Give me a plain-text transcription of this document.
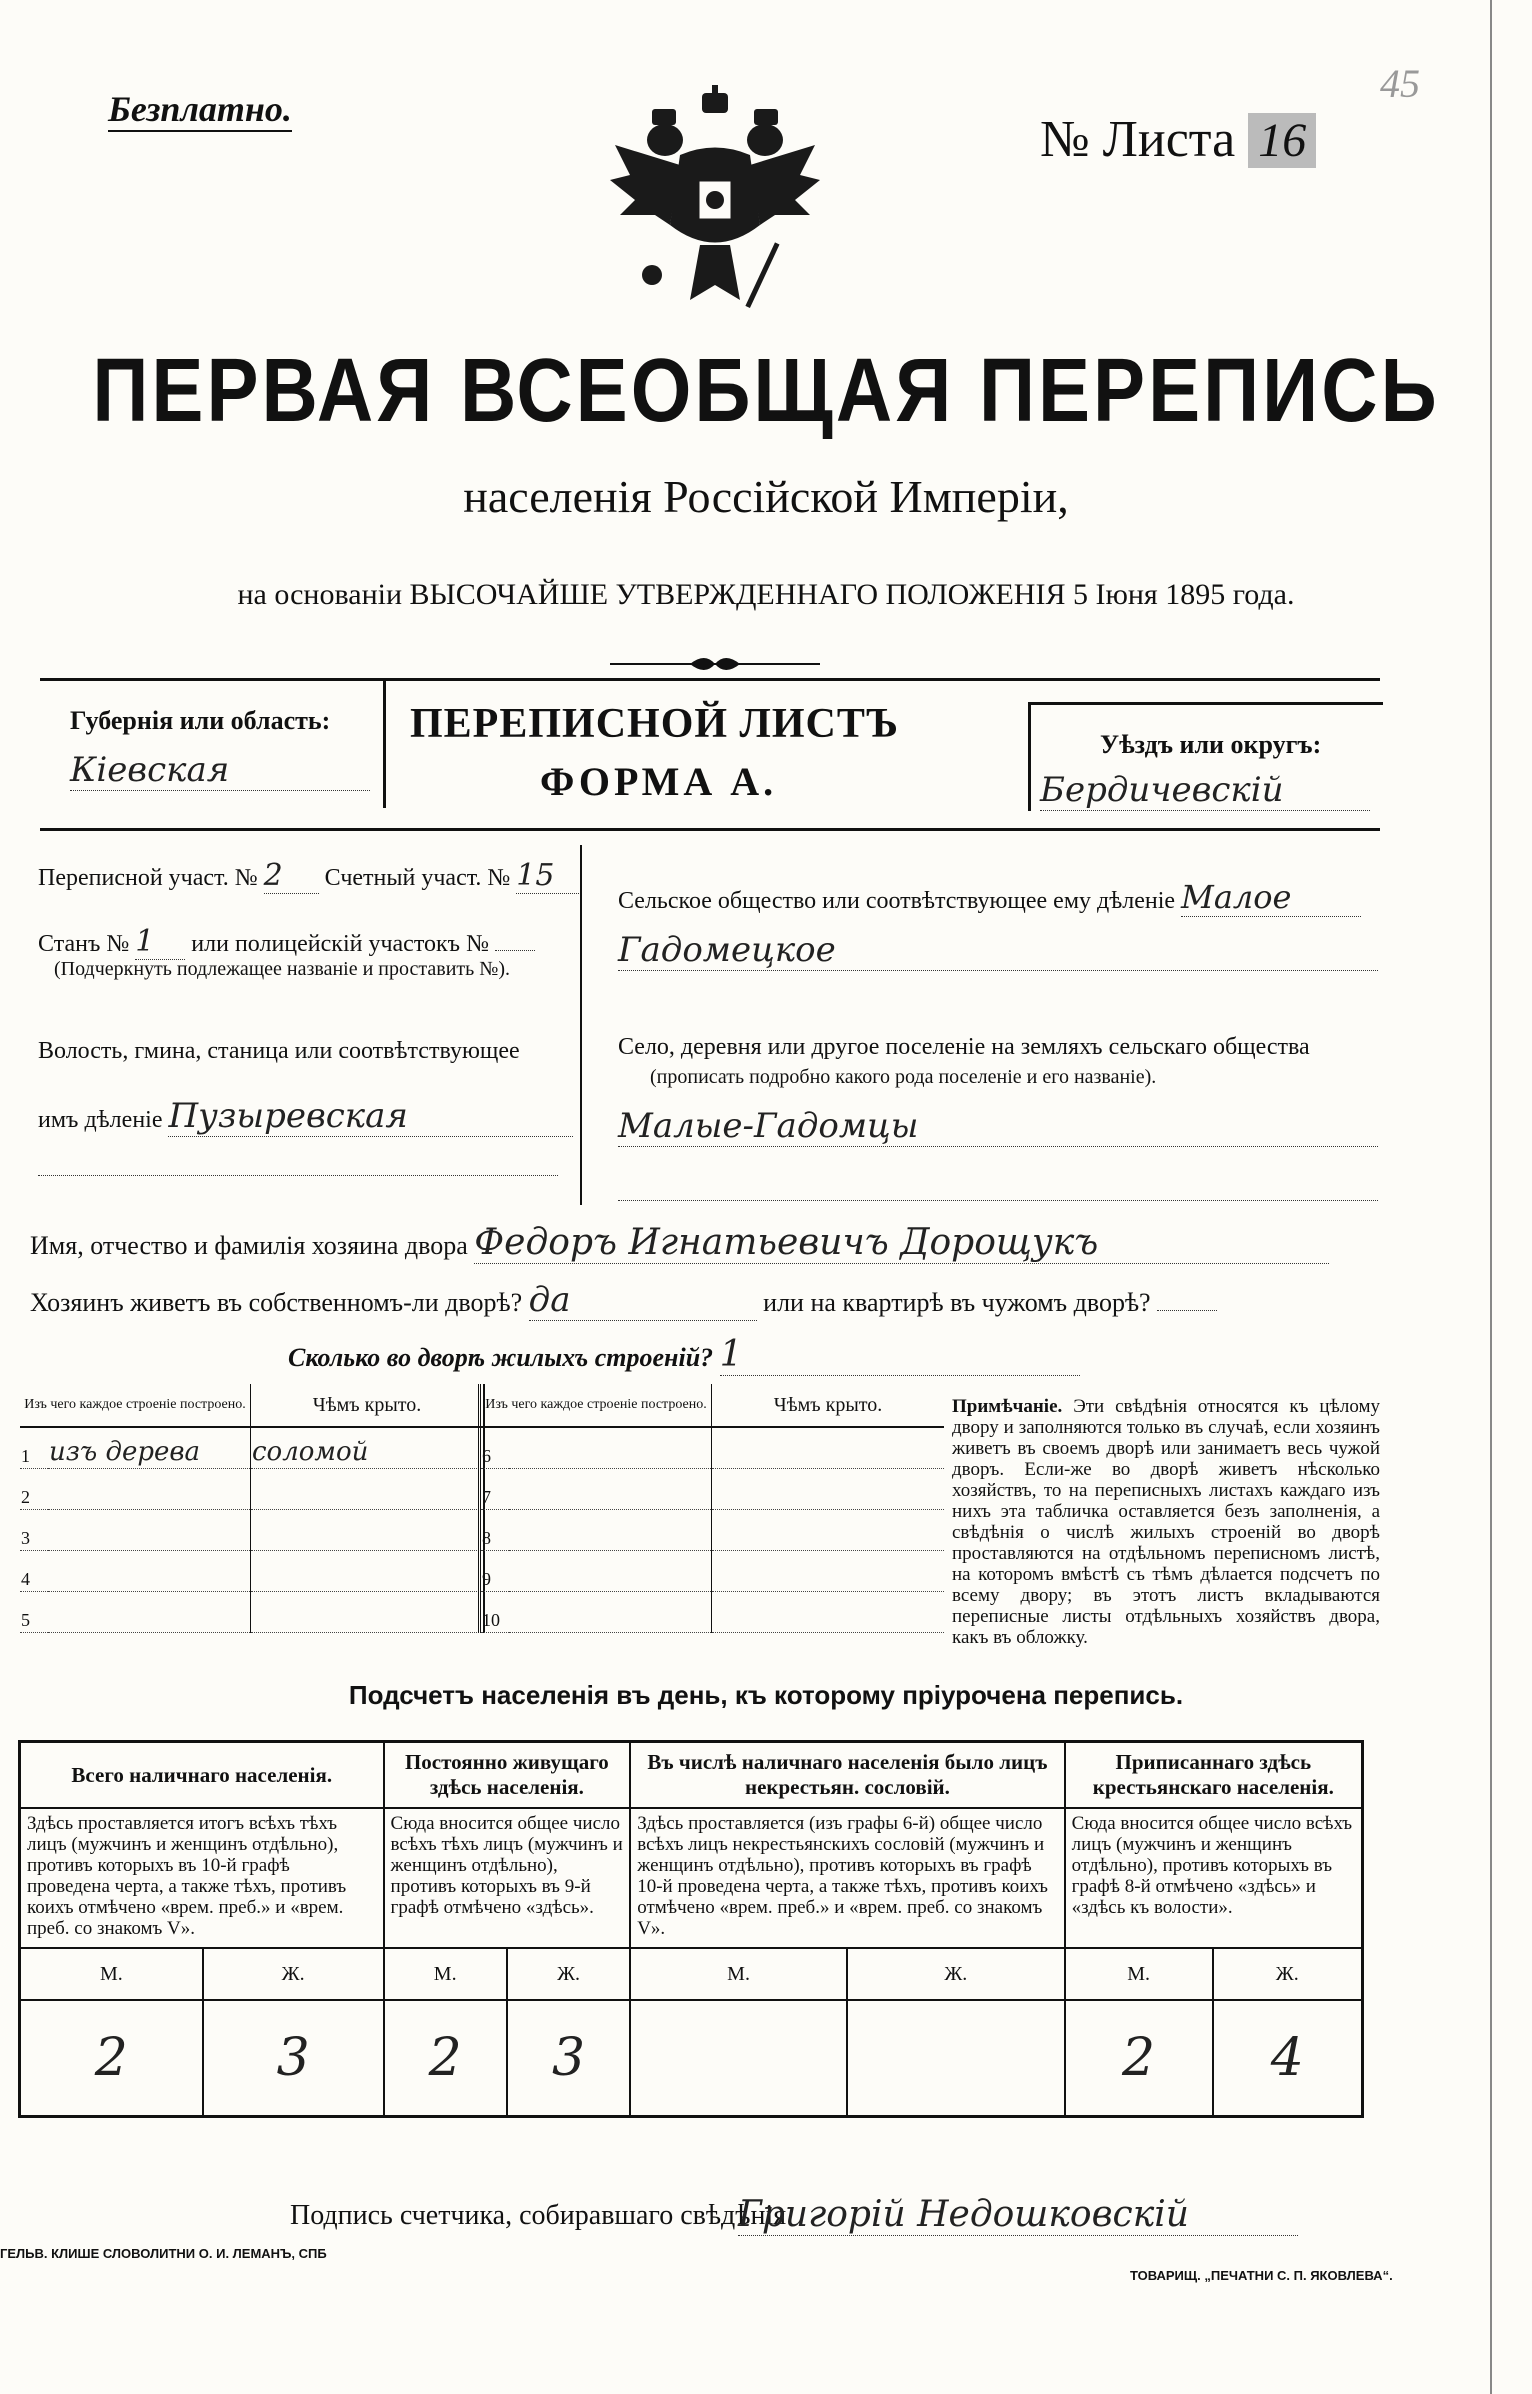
Безплатно.
№ Листа 16
45
ПЕРВАЯ ВСЕОБЩАЯ ПЕРЕПИСЬ
населенія Россійской Имперіи,
на основаніи ВЫСОЧАЙШЕ УТВЕРЖДЕННАГО ПОЛОЖЕНІЯ 5 Іюня 1895 года.
Губернія или область:
Кіевская
ПЕРЕПИСНОЙ ЛИСТЪ
ФОРМА А.
Уѣздъ или округъ:
Бердичевскій
Переписной участ. № 2 Счетный участ. № 15
Станъ № 1 или полицейскій участокъ №
(Подчеркнуть подлежащее названіе и проставить №).
Волость, гмина, станица или соотвѣтствующее
имъ дѣленіе Пузыревская
Сельское общество или соотвѣтствующее ему дѣленіе Малое
Гадомецкое
Село, деревня или другое поселеніе на земляхъ сельскаго общества
(прописать подробно какого рода поселеніе и его названіе).
Малые-Гадомцы
Имя, отчество и фамилія хозяина двора Федоръ Игнатьевичъ Дорощукъ
Хозяинъ живетъ въ собственномъ-ли дворѣ? да	или на квартирѣ въ чужомъ дворѣ?
Сколько во дворѣ жилыхъ строеній? 1
Изъ чего каждое строеніе построено.		Чѣмъ крыто.
1	изъ дерева	соломой
2		
3		
4		
5		
Изъ чего каждое строеніе построено.		Чѣмъ крыто.
6		
7		
8		
9		
10		
Примѣчаніе. Эти свѣдѣнія относятся къ цѣлому двору и заполняются только въ случаѣ, если хозяинъ живетъ въ своемъ дворѣ или занимаетъ весь чужой дворъ. Если-же во дворѣ живетъ нѣсколько хозяйствъ, то на переписныхъ листахъ каждаго изъ нихъ эта табличка оставляется безъ заполненія, а свѣдѣнія о числѣ жилыхъ строеній во дворѣ проставляются на отдѣльномъ переписномъ листѣ, на которомъ вмѣстѣ съ тѣмъ дѣлается подсчетъ по всему двору; въ этотъ листъ вкладываются переписные листы отдѣльныхъ хозяйствъ двора, какъ въ обложку.
Подсчетъ населенія въ день, къ которому пріурочена перепись.
Всего наличнаго населенія.		Постоянно живущаго здѣсь населенія.		Въ числѣ наличнаго населенія было лицъ некрестьян. сословій.		Приписаннаго здѣсь крестьянскаго населенія.	
Здѣсь проставляется итогъ всѣхъ тѣхъ лицъ (мужчинъ и женщинъ отдѣльно), противъ которыхъ въ 10-й графѣ проведена черта, а также тѣхъ, противъ коихъ отмѣчено «врем. преб.» и «врем. преб. со знакомъ V».		Сюда вносится общее число всѣхъ тѣхъ лицъ (мужчинъ и женщинъ отдѣльно), противъ которыхъ въ 9-й графѣ отмѣчено «здѣсь».		Здѣсь проставляется (изъ графы 6-й) общее число всѣхъ лицъ некрестьянскихъ сословій (мужчинъ и женщинъ отдѣльно), противъ которыхъ въ графѣ 10-й проведена черта, а также тѣхъ, противъ коихъ отмѣчено «врем. преб.» и «врем. преб. со знакомъ V».		Сюда вносится общее число всѣхъ лицъ (мужчинъ и женщинъ отдѣльно), противъ которыхъ въ графѣ 8-й отмѣчено «здѣсь» и «здѣсь къ волости».	
М.	Ж.	М.	Ж.	М.	Ж.	М.	Ж.
2	3	2	3			2	4
Подпись счетчика, собиравшаго свѣдѣнія
Григорій Недошковскій
ГЕЛЬВ. КЛИШЕ СЛОВОЛИТНИ О. И. ЛЕМАНЪ, СПБ
ТОВАРИЩ. „ПЕЧАТНИ С. П. ЯКОВЛЕВА“.
